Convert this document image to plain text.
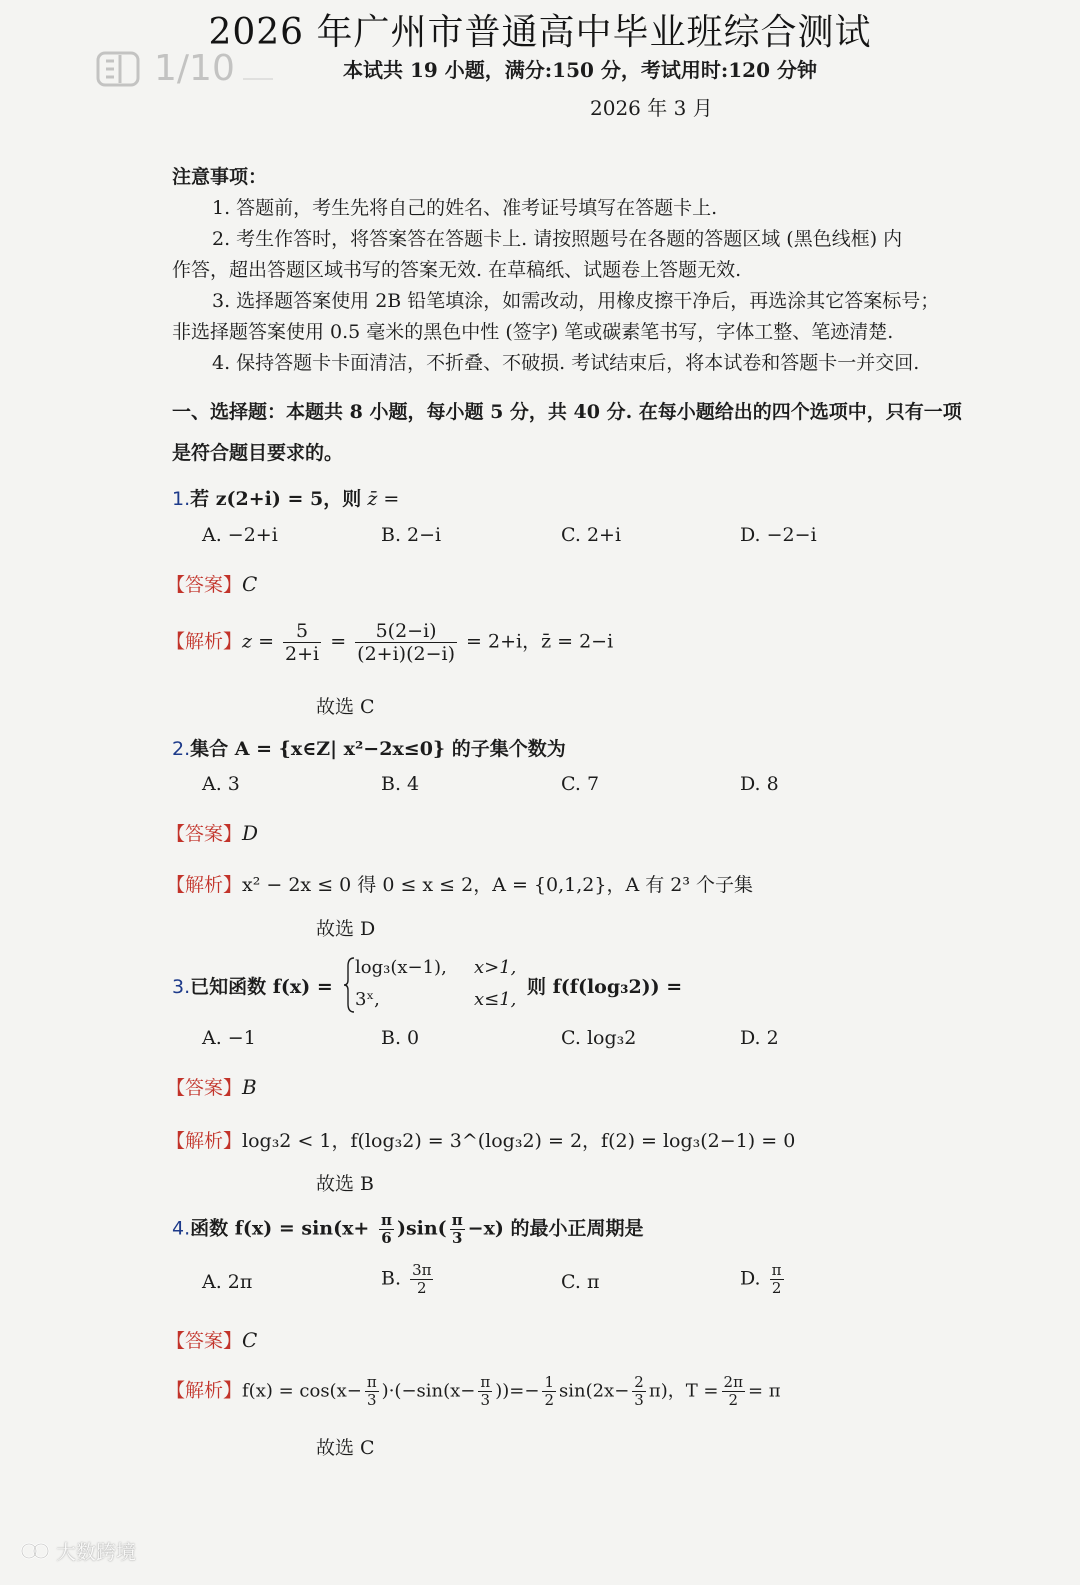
1/10
2026 年广州市普通高中毕业班综合测试
本试共 19 小题，满分:150 分，考试用时:120 分钟
2026 年 3 月
注意事项：
1. 答题前，考生先将自己的姓名、准考证号填写在答题卡上.
2. 考生作答时，将答案答在答题卡上. 请按照题号在各题的答题区域 (黑色线框) 内
作答，超出答题区域书写的答案无效. 在草稿纸、试题卷上答题无效.
3. 选择题答案使用 2B 铅笔填涂，如需改动，用橡皮擦干净后，再选涂其它答案标号；
非选择题答案使用 0.5 毫米的黑色中性 (签字) 笔或碳素笔书写，字体工整、笔迹清楚.
4. 保持答题卡卡面清洁，不折叠、不破损. 考试结束后，将本试卷和答题卡一并交回.
一、选择题：本题共 8 小题，每小题 5 分，共 40 分. 在每小题给出的四个选项中，只有一项
是符合题目要求的。
1.若 z(2+i) = 5，则 z̄ =
A. −2+i	B. 2−i	C. 2+i	D. −2−i
【答案】C
【解析】$z = \frac{5}{2+i} = \frac{5(2-i)}{(2+i)(2-i)} = 2+i$，z̄ = 2−i
故选 C
2.集合 A = {x∈Z| x²−2x≤0} 的子集个数为
A. 3	B. 4	C. 7	D. 8
【答案】D
【解析】x² − 2x ≤ 0 得 0 ≤ x ≤ 2，A = {0,1,2}，A 有 2³ 个子集
故选 D
3.已知函数 f(x) =
log₃(x−1), x>1,
3ˣ,	x≤1,
则 f(f(log₃2)) =
A. −1	B. 0	C. log₃2	D. 2
【答案】B
【解析】log₃2 < 1，f(log₃2) = 3^(log₃2) = 2，f(2) = log₃(2−1) = 0
故选 B
4.函数 $f(x) = \sin(x+ \frac{\pi}{6} )\sin( \frac{\pi}{3} -x)$ 的最小正周期是
A. 2π	B. $\frac{3\pi}{2}$	C. π	D. $\frac{\pi}{2}$
【答案】C
【解析】$f(x) = \cos(x- \frac{\pi}{3} )\cdot(-\sin(x- \frac{\pi}{3}$ ))=− $\frac{1}{2} \sin(2x- \frac{2}{3} \pi)$，$T = \frac{2\pi}{2} = \pi$
故选 C
大数跨境
